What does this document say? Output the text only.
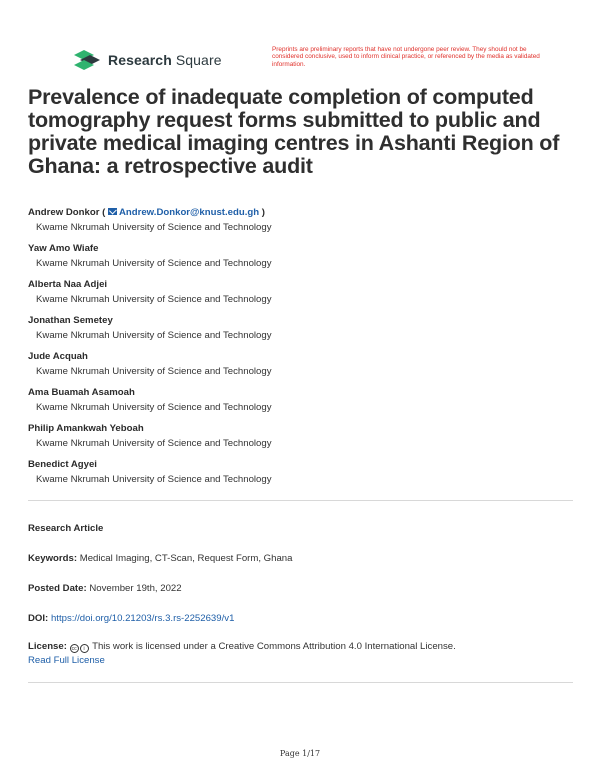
Research Square
Preprints are preliminary reports that have not undergone peer review. They should not be considered conclusive, used to inform clinical practice, or referenced by the media as validated information.
Prevalence of inadequate completion of computed tomography request forms submitted to public and private medical imaging centres in Ashanti Region of Ghana: a retrospective audit
Andrew Donkor ( Andrew.Donkor@knust.edu.gh )
Kwame Nkrumah University of Science and Technology
Yaw Amo Wiafe
Kwame Nkrumah University of Science and Technology
Alberta Naa Adjei
Kwame Nkrumah University of Science and Technology
Jonathan Semetey
Kwame Nkrumah University of Science and Technology
Jude Acquah
Kwame Nkrumah University of Science and Technology
Ama Buamah Asamoah
Kwame Nkrumah University of Science and Technology
Philip Amankwah Yeboah
Kwame Nkrumah University of Science and Technology
Benedict Agyei
Kwame Nkrumah University of Science and Technology
Research Article
Keywords: Medical Imaging, CT-Scan, Request Form, Ghana
Posted Date: November 19th, 2022
DOI: https://doi.org/10.21203/rs.3.rs-2252639/v1
License: cc i This work is licensed under a Creative Commons Attribution 4.0 International License.
Read Full License
Page 1/17
